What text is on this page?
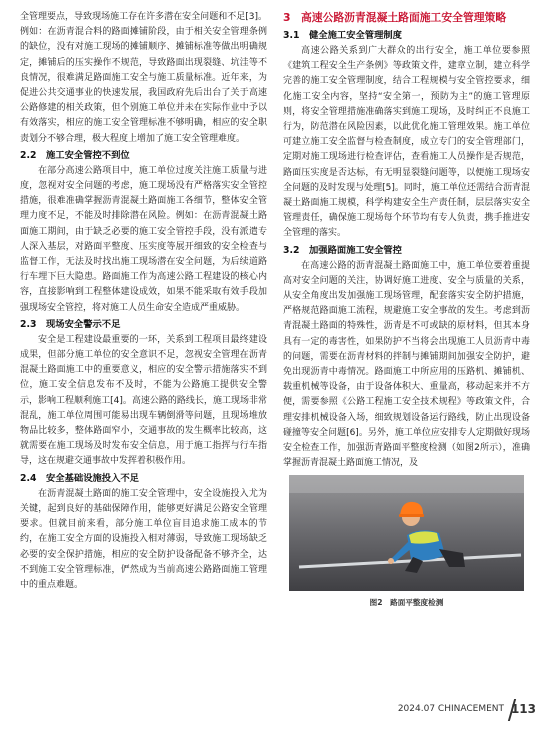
全管理要点，导致现场施工存在许多潜在安全问题和不足[3]。例如：在沥青混合料的路面摊铺阶段，由于相关安全管理条例的缺位，没有对施工现场的摊铺顺序、摊铺标准等做出明确规定，摊铺后的压实操作不规范，导致路面出现裂缝、坑洼等不良情况，很难满足路面施工安全与施工质量标准。近年来，为促进公共交通事业的快速发展，我国政府先后出台了关于高速公路修建的相关政策，但个别施工单位并未在实际作业中予以有效落实，相应的施工安全管理标准不够明确，相应的安全职责划分不够合理，极大程度上增加了施工安全管理难度。

2.2 施工安全管控不到位

在部分高速公路项目中，施工单位过度关注施工质量与进度，忽视对安全问题的考虑，施工现场没有严格落实安全管控措施，很难准确掌握沥青混凝土路面施工各细节，整体安全管理力度不足，不能及时排除潜在风险。例如：在沥青混凝土路面施工期间，由于缺乏必要的施工安全管控手段，没有派遣专人深入基层，对路面平整度、压实度等展开细致的安全检查与监督工作，无法及时找出施工现场潜在安全问题，为后续道路行车埋下巨大隐患。路面施工作为高速公路工程建设的核心内容，直接影响到工程整体建设成效，如果不能采取有效手段加强现场安全管控，将对施工人员生命安全造成严重威胁。

2.3 现场安全警示不足

安全是工程建设最重要的一环，关系到工程项目最终建设成果，但部分施工单位的安全意识不足，忽视安全管理在沥青混凝土路面施工中的重要意义，相应的安全警示措施落实不到位，施工安全信息发布不及时，不能为公路施工提供安全警示，影响工程顺利施工[4]。高速公路的路线长，施工现场非常混乱，施工单位周围可能易出现车辆倒滑等问题，且现场堆放物品比较多，整体路面窄小，交通事故的发生概率比较高，这就需要在施工现场及时发布安全信息，用于施工指挥与行车指导，这在规避交通事故中发挥着积极作用。

2.4 安全基础设施投入不足

在沥青混凝土路面的施工安全管理中，安全设施投入尤为关键，起到良好的基础保障作用，能够更好满足公路安全管理要求。但就目前来看，部分施工单位盲目追求施工成本的节约，在施工安全方面的设施投入相对薄弱，导致施工现场缺乏必要的安全保护措施，相应的安全防护设备配备不够齐全，达不到施工安全管理标准，俨然成为当前高速公路路面施工管理中的重点难题。

3 高速公路沥青混凝土路面施工安全管理策略
3.1 健全施工安全管理制度

高速公路关系到广大群众的出行安全，施工单位要参照《建筑工程安全生产条例》等政策文件，建章立制，建立科学完善的施工安全管理制度，结合工程规模与安全管控要求，细化施工安全内容，坚持“安全第一，预防为主”的施工管理原则，将安全管理措施准确落实到施工现场，及时纠正不良施工行为，防范潜在风险因素，以此优化施工管理效果。施工单位可建立施工安全监督与检查制度，成立专门的安全管理部门，定期对施工现场进行检查评估，查看施工人员操作是否规范，路面压实度是否达标，有无明显裂缝问题等，以便施工现场安全问题的及时发现与处理[5]。同时，施工单位还需结合沥青混凝土路面施工规模，科学构建安全生产责任制，层层落实安全管理责任，确保施工现场每个环节均有专人负责，携手推进安全管理的落实。

3.2 加强路面施工安全管控

在高速公路的沥青混凝土路面施工中，施工单位要着重提高对安全问题的关注，协调好施工进度、安全与质量的关系，从安全角度出发加强施工现场管理，配套落实安全防护措施，严格规范路面施工流程，规避施工安全事故的发生。考虑到沥青混凝土路面的特殊性，沥青是不可或缺的原材料，但其本身具有一定的毒害性，如果防护不当将会出现施工人员沥青中毒的问题，需要在沥青材料的拌制与摊铺期间加强安全防护，避免出现沥青中毒情况。路面施工中所应用的压路机、摊铺机、载重机械等设备，由于设备体积大、重量高，移动起来并不方便，需要参照《公路工程施工安全技术规程》等政策文件，合理安排机械设备入场，细致规划设备运行路线，防止出现设备碰撞等安全问题[6]。另外，施工单位应安排专人定期做好现场安全检查工作，加强沥青路面平整度检测（如图2所示），准确掌握沥青混凝土路面施工情况，及

图2　路面平整度检测
2024.07 CHINACEMENT 113
